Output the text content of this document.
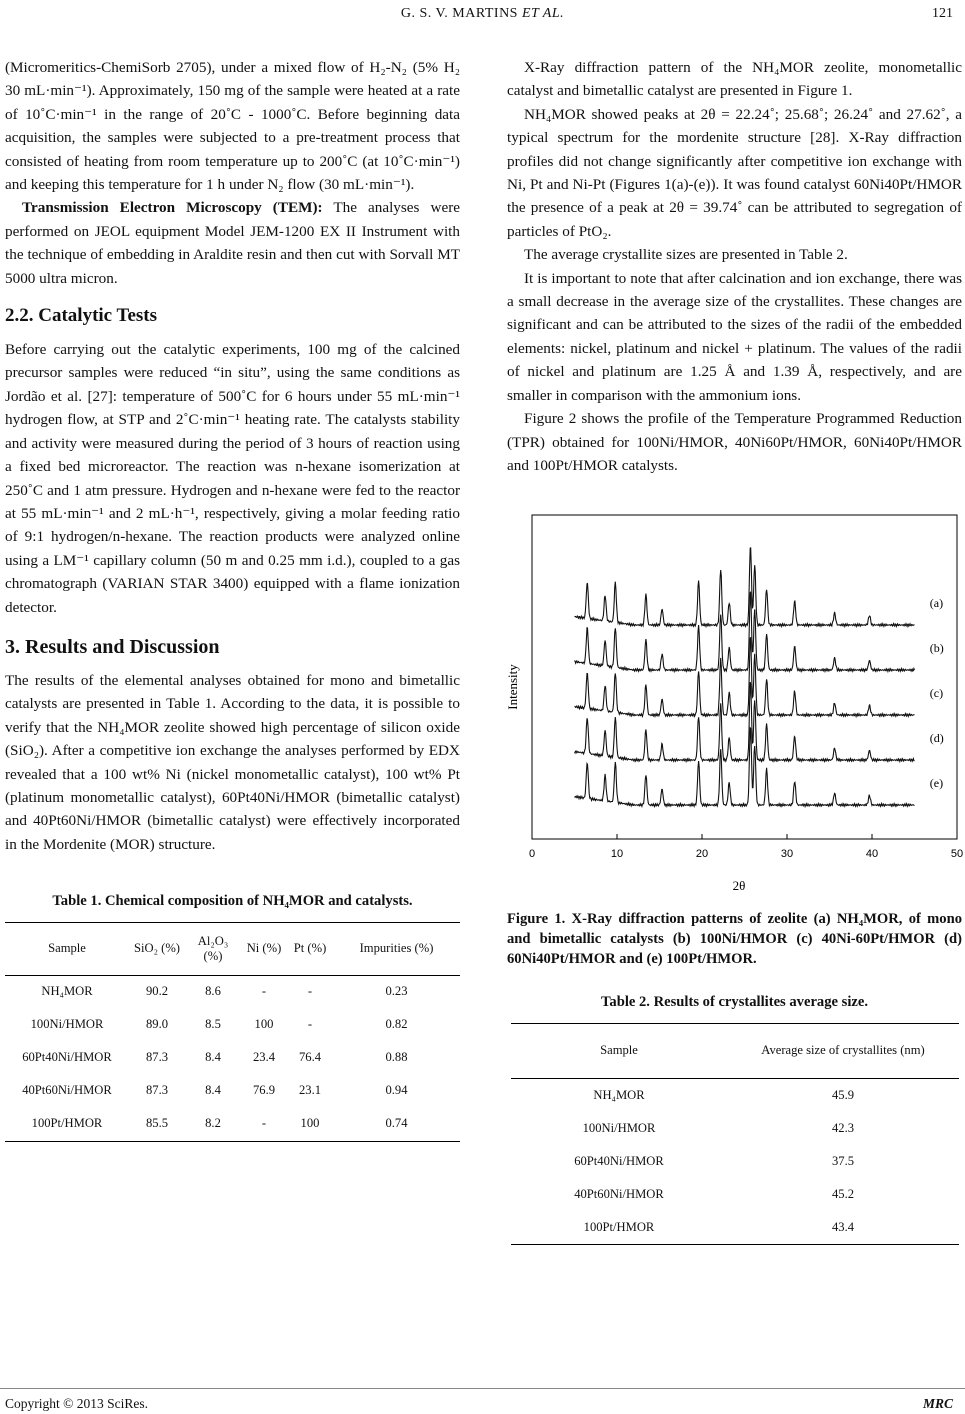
G. S. V. MARTINS ET AL.	121

(Micromeritics-ChemiSorb 2705), under a mixed flow of H₂-N₂ (5% H₂ 30 mL·min⁻¹). Approximately, 150 mg of the sample were heated at a rate of 10˚C·min⁻¹ in the range of 20˚C - 1000˚C. Before beginning data acquisition, the samples were subjected to a pre-treatment process that consisted of heating from room temperature up to 200˚C (at 10˚C·min⁻¹) and keeping this temperature for 1 h under N₂ flow (30 mL·min⁻¹).

Transmission Electron Microscopy (TEM): The analyses were performed on JEOL equipment Model JEM-1200 EX II Instrument with the technique of embedding in Araldite resin and then cut with Sorvall MT 5000 ultra micron.

2.2. Catalytic Tests

Before carrying out the catalytic experiments, 100 mg of the calcined precursor samples were reduced “in situ”, using the same conditions as Jordão et al. [27]: temperature of 500˚C for 6 hours under 55 mL·min⁻¹ hydrogen flow, at STP and 2˚C·min⁻¹ heating rate. The catalysts stability and activity were measured during the period of 3 hours of reaction using a fixed bed microreactor. The reaction was n-hexane isomerization at 250˚C and 1 atm pressure. Hydrogen and n-hexane were fed to the reactor at 55 mL·min⁻¹ and 2 mL·h⁻¹, respectively, giving a molar feeding ratio of 9:1 hydrogen/n-hexane. The reaction products were analyzed online using a LM⁻¹ capillary column (50 m and 0.25 mm i.d.), coupled to a gas chromatograph (VARIAN STAR 3400) equipped with a flame ionization detector.

3. Results and Discussion

The results of the elemental analyses obtained for mono and bimetallic catalysts are presented in Table 1. According to the data, it is possible to verify that the NH₄MOR zeolite showed high percentage of silicon oxide (SiO₂). After a competitive ion exchange the analyses performed by EDX revealed that a 100 wt% Ni (nickel monometallic catalyst), 100 wt% Pt (platinum monometallic catalyst), 60Pt40Ni/HMOR (bimetallic catalyst) and 40Pt60Ni/HMOR (bimetallic catalyst) were effectively incorporated in the Mordenite (MOR) structure.

Table 1. Chemical composition of NH₄MOR and catalysts.
Sample	SiO₂ (%)	Al₂O₃ (%)	Ni (%)	Pt (%)	Impurities (%)
NH₄MOR	90.2	8.6	-	-	0.23
100Ni/HMOR	89.0	8.5	100	-	0.82
60Pt40Ni/HMOR	87.3	8.4	23.4	76.4	0.88
40Pt60Ni/HMOR	87.3	8.4	76.9	23.1	0.94
100Pt/HMOR	85.5	8.2	-	100	0.74

X-Ray diffraction pattern of the NH₄MOR zeolite, monometallic catalyst and bimetallic catalyst are presented in Figure 1.

NH₄MOR showed peaks at 2θ = 22.24˚; 25.68˚; 26.24˚ and 27.62˚, a typical spectrum for the mordenite structure [28]. X-Ray diffraction profiles did not change significantly after competitive ion exchange with Ni, Pt and Ni-Pt (Figures 1(a)-(e)). It was found catalyst 60Ni40Pt/HMOR the presence of a peak at 2θ = 39.74˚ can be attributed to segregation of particles of PtO₂.

The average crystallite sizes are presented in Table 2.

It is important to note that after calcination and ion exchange, there was a small decrease in the average size of the crystallites. These changes are significant and can be attributed to the sizes of the radii of the embedded elements: nickel, platinum and nickel + platinum. The values of the radii of nickel and platinum are 1.25 Å and 1.39 Å, respectively, and are smaller in comparison with the ammonium ions.

Figure 2 shows the profile of the Temperature Programmed Reduction (TPR) obtained for 100Ni/HMOR, 40Ni60Pt/HMOR, 60Ni40Pt/HMOR and 100Pt/HMOR catalysts.

0	10	20	30	40	50
(a)
(b)
(c)
(d)
(e)
2θ
Intensity
Figure 1. X-Ray diffraction patterns of zeolite (a) NH₄MOR, of mono and bimetallic catalysts (b) 100Ni/HMOR (c) 40Ni-60Pt/HMOR (d) 60Ni40Pt/HMOR and (e) 100Pt/HMOR.
Table 2. Results of crystallites average size.
Sample	Average size of crystallites (nm)
NH₄MOR	45.9
100Ni/HMOR	42.3
60Pt40Ni/HMOR	37.5
40Pt60Ni/HMOR	45.2
100Pt/HMOR	43.4
Copyright © 2013 SciRes.	MRC
